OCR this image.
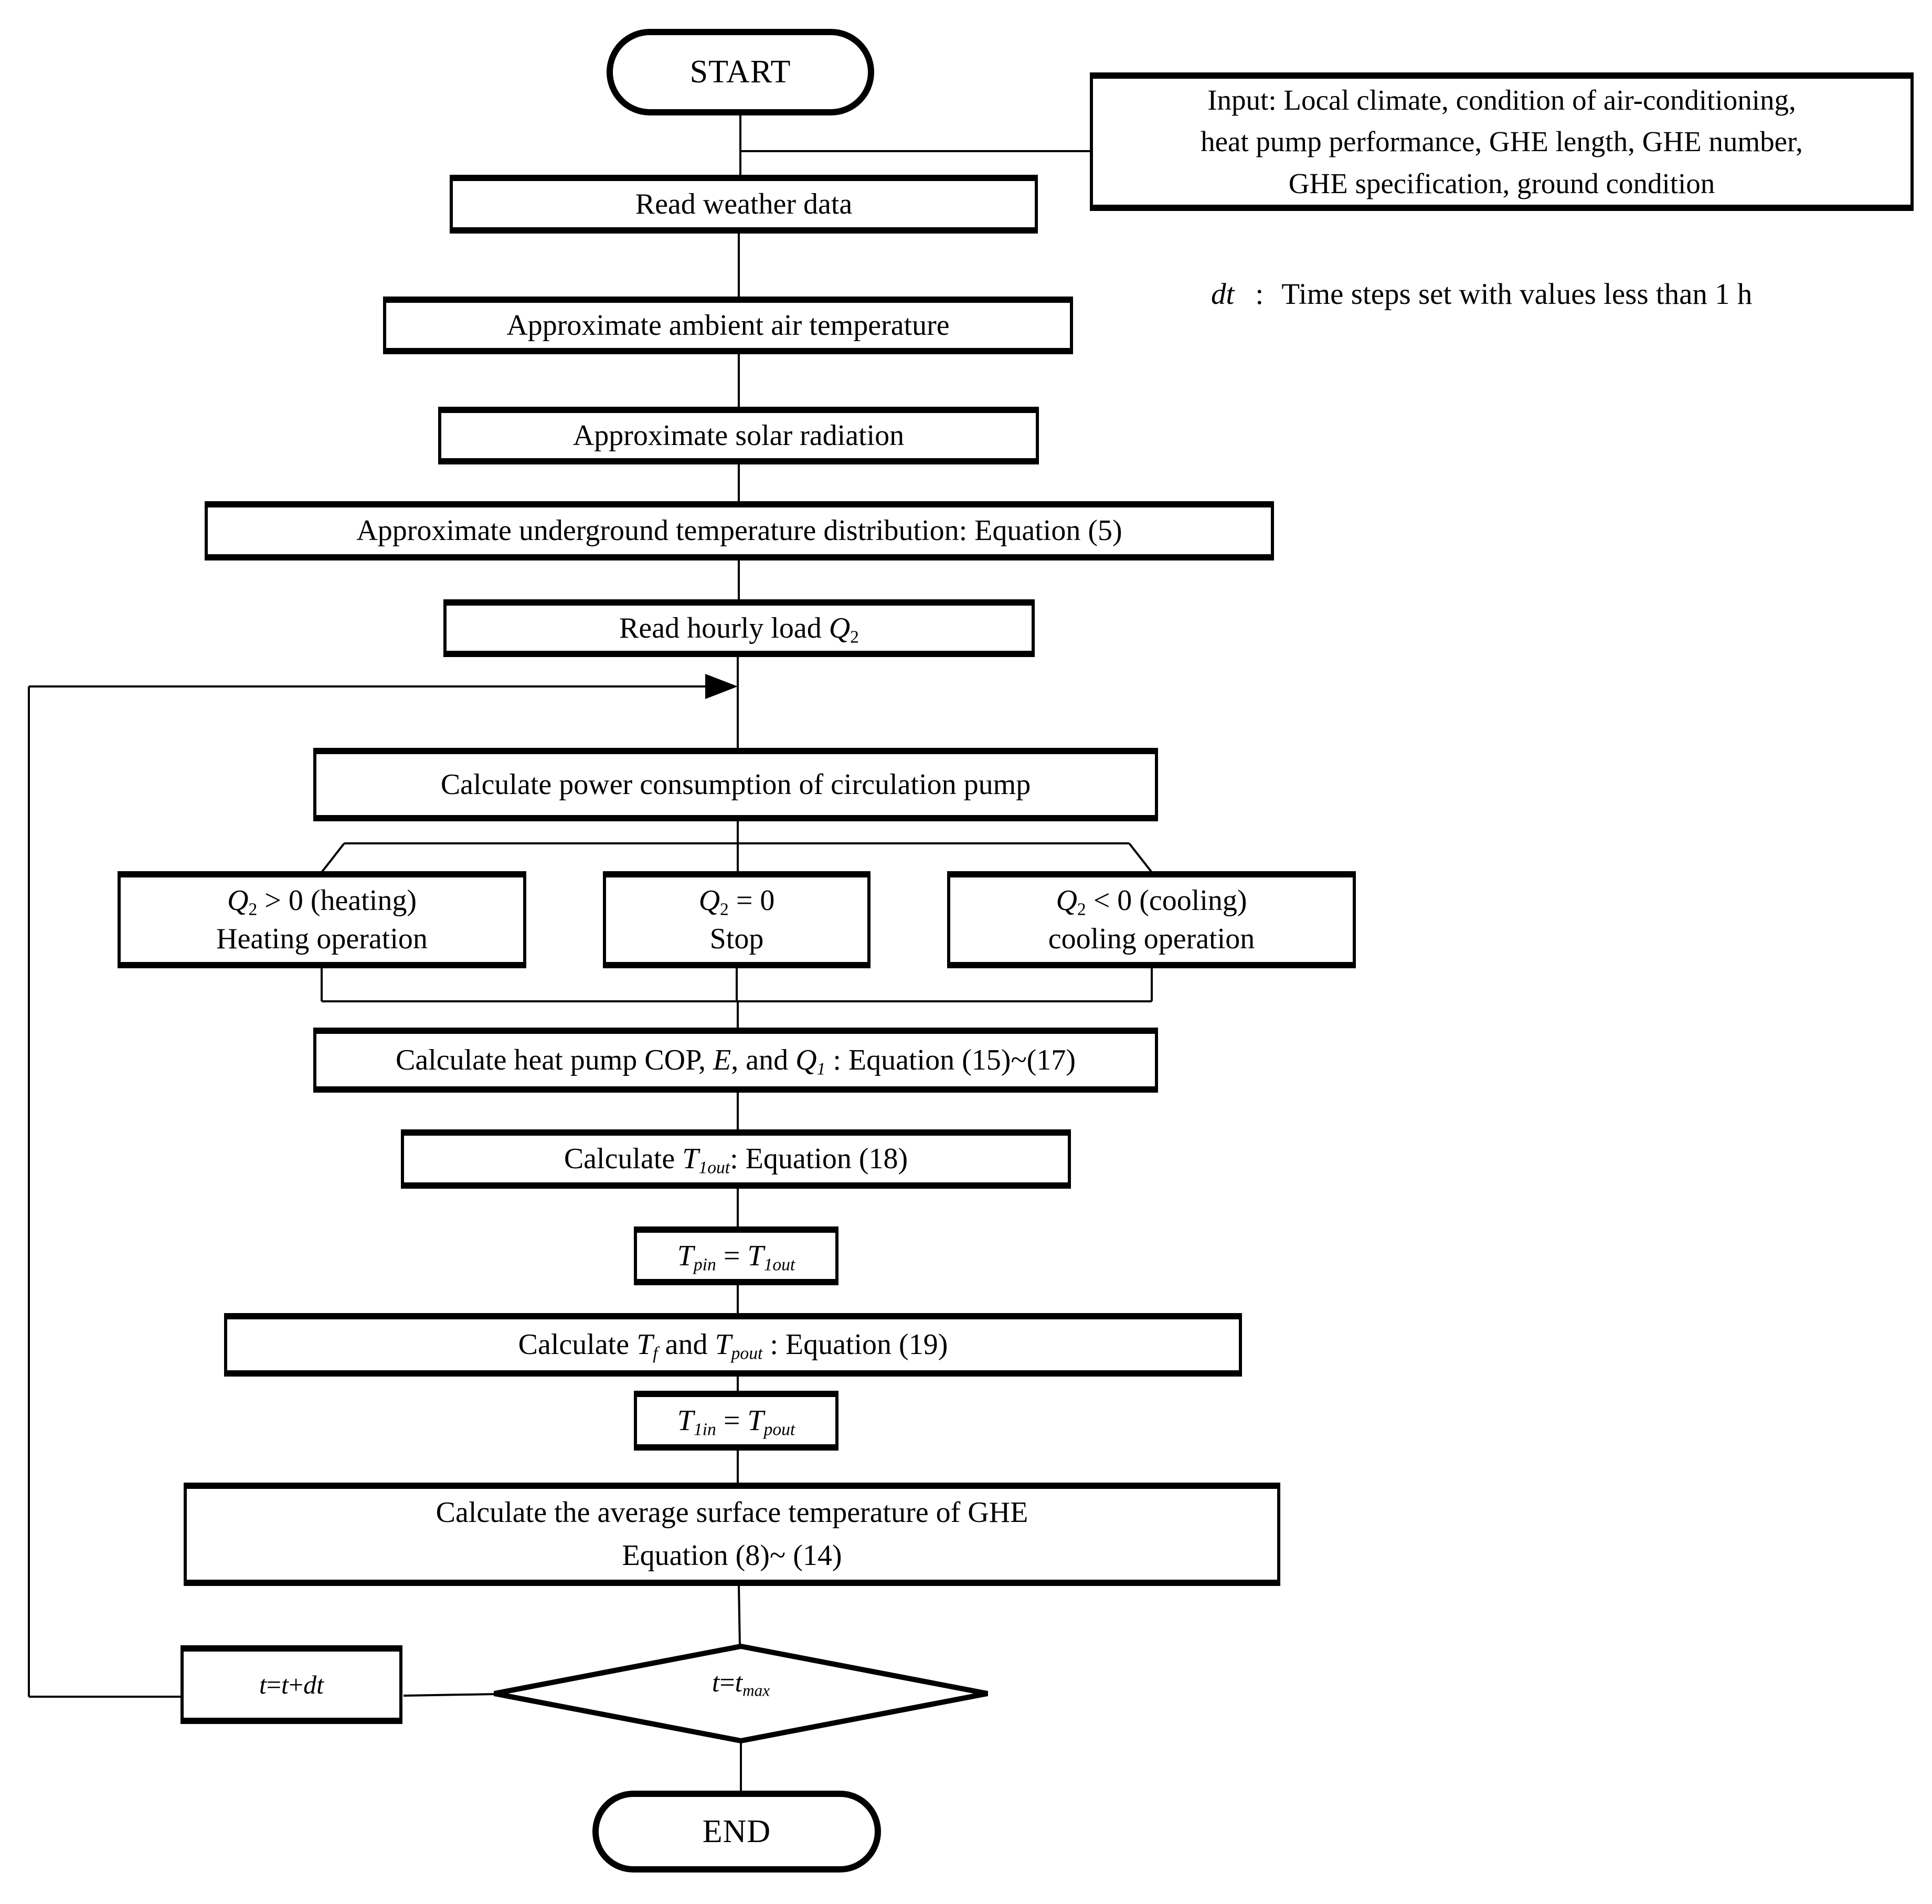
START
Input: Local climate, condition of air-conditioning,
heat pump performance, GHE length, GHE number,
GHE specification, ground condition
dt : Time steps set with values less than 1 h
Read weather data
Approximate ambient air temperature
Approximate solar radiation
Approximate underground temperature distribution: Equation (5)
Read hourly load $Q_2$
Calculate power consumption of circulation pump
$Q_2 > 0$ (heating)
Heating operation
$Q_2 = 0$
Stop
$Q_2 < 0$ (cooling)
cooling operation
Calculate heat pump COP, E, and $Q_1$ : Equation (15)~(17)
Calculate $T_{1out}$: Equation (18)
$T_{pin} = T_{1out}$
Calculate $T_f$ and $T_{pout}$ : Equation (19)
$T_{1in} = T_{pout}$
Calculate the average surface temperature of GHE
Equation (8)~ (14)
$t=t_{max}$
t=t+dt
END
